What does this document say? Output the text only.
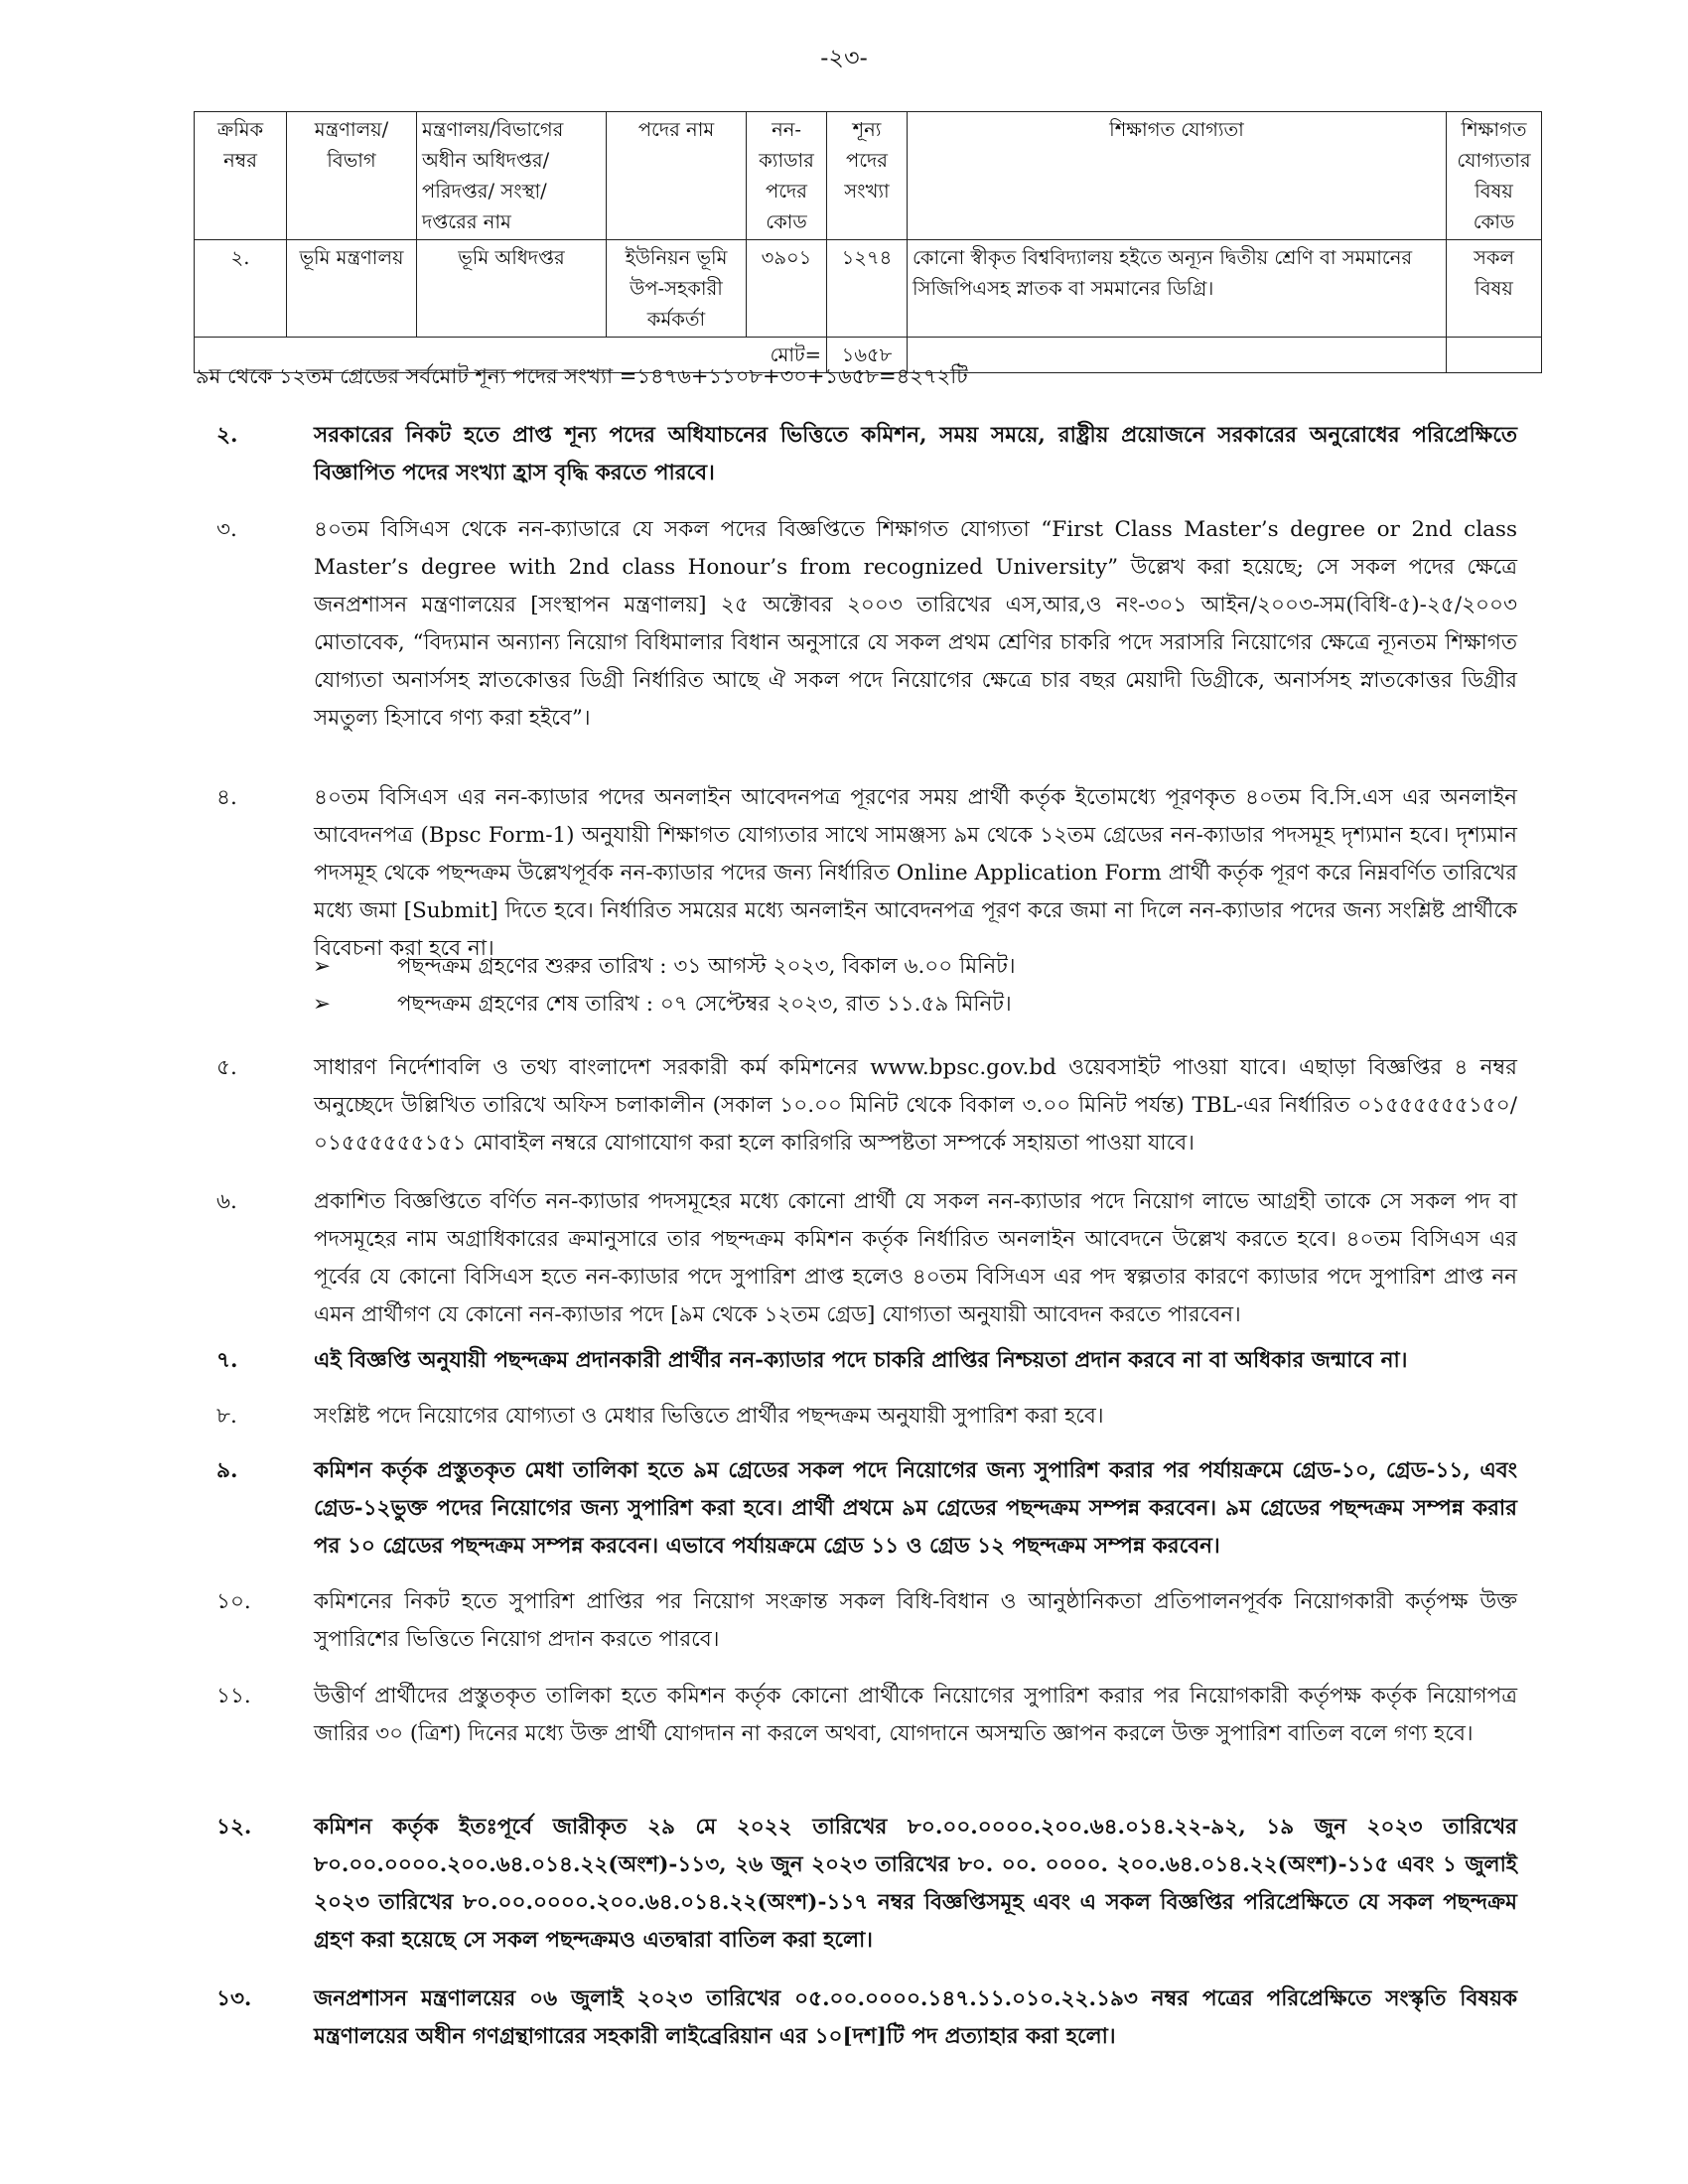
-২৩-
ক্রমিক নম্বর	মন্ত্রণালয়/ বিভাগ	মন্ত্রণালয়/বিভাগের অধীন অধিদপ্তর/পরিদপ্তর/ সংস্থা/দপ্তরের নাম	পদের নাম	নন-ক্যাডার পদের কোড	শূন্য পদের সংখ্যা	শিক্ষাগত যোগ্যতা	শিক্ষাগত যোগ্যতার বিষয় কোড
২.	ভূমি মন্ত্রণালয়	ভূমি অধিদপ্তর	ইউনিয়ন ভূমি উপ-সহকারী কর্মকর্তা	৩৯০১	১২৭৪	কোনো স্বীকৃত বিশ্ববিদ্যালয় হইতে অন্যূন দ্বিতীয় শ্রেণি বা সমমানের সিজিপিএসহ স্নাতক বা সমমানের ডিগ্রি।	সকল বিষয়
মোট=					১৬৫৮		
৯ম থেকে ১২তম গ্রেডের সর্বমোট শূন্য পদের সংখ্যা =১৪৭৬+১১০৮+৩০+১৬৫৮=৪২৭২টি
২.	সরকারের নিকট হতে প্রাপ্ত শূন্য পদের অধিযাচনের ভিত্তিতে কমিশন, সময় সময়ে, রাষ্ট্রীয় প্রয়োজনে সরকারের অনুরোধের পরিপ্রেক্ষিতে বিজ্ঞাপিত পদের সংখ্যা হ্রাস বৃদ্ধি করতে পারবে।
৩.	৪০তম বিসিএস থেকে নন-ক্যাডারে যে সকল পদের বিজ্ঞপ্তিতে শিক্ষাগত যোগ্যতা “First Class Master’s degree or 2nd class Master’s degree with 2nd class Honour’s from recognized University” উল্লেখ করা হয়েছে; সে সকল পদের ক্ষেত্রে জনপ্রশাসন মন্ত্রণালয়ের [সংস্থাপন মন্ত্রণালয়] ২৫ অক্টোবর ২০০৩ তারিখের এস,আর,ও নং-৩০১ আইন/২০০৩-সম(বিধি-৫)-২৫/২০০৩ মোতাবেক, “বিদ্যমান অন্যান্য নিয়োগ বিধিমালার বিধান অনুসারে যে সকল প্রথম শ্রেণির চাকরি পদে সরাসরি নিয়োগের ক্ষেত্রে ন্যূনতম শিক্ষাগত যোগ্যতা অনার্সসহ স্নাতকোত্তর ডিগ্রী নির্ধারিত আছে ঐ সকল পদে নিয়োগের ক্ষেত্রে চার বছর মেয়াদী ডিগ্রীকে, অনার্সসহ স্নাতকোত্তর ডিগ্রীর সমতুল্য হিসাবে গণ্য করা হইবে”।
৪.	৪০তম বিসিএস এর নন-ক্যাডার পদের অনলাইন আবেদনপত্র পূরণের সময় প্রার্থী কর্তৃক ইতোমধ্যে পূরণকৃত ৪০তম বি.সি.এস এর অনলাইন আবেদনপত্র (Bpsc Form-1) অনুযায়ী শিক্ষাগত যোগ্যতার সাথে সামঞ্জস্য ৯ম থেকে ১২তম গ্রেডের নন-ক্যাডার পদসমূহ দৃশ্যমান হবে। দৃশ্যমান পদসমূহ থেকে পছন্দক্রম উল্লেখপূর্বক নন-ক্যাডার পদের জন্য নির্ধারিত Online Application Form প্রার্থী কর্তৃক পূরণ করে নিম্নবর্ণিত তারিখের মধ্যে জমা [Submit] দিতে হবে। নির্ধারিত সময়ের মধ্যে অনলাইন আবেদনপত্র পূরণ করে জমা না দিলে নন-ক্যাডার পদের জন্য সংশ্লিষ্ট প্রার্থীকে বিবেচনা করা হবে না।
➢	পছন্দক্রম গ্রহণের শুরুর তারিখ : ৩১ আগস্ট ২০২৩, বিকাল ৬.০০ মিনিট।
➢	পছন্দক্রম গ্রহণের শেষ তারিখ : ০৭ সেপ্টেম্বর ২০২৩, রাত ১১.৫৯ মিনিট।
৫.	সাধারণ নির্দেশাবলি ও তথ্য বাংলাদেশ সরকারী কর্ম কমিশনের www.bpsc.gov.bd ওয়েবসাইট পাওয়া যাবে। এছাড়া বিজ্ঞপ্তির ৪ নম্বর অনুচ্ছেদে উল্লিখিত তারিখে অফিস চলাকালীন (সকাল ১০.০০ মিনিট থেকে বিকাল ৩.০০ মিনিট পর্যন্ত) TBL-এর নির্ধারিত ০১৫৫৫৫৫৫১৫০/ ০১৫৫৫৫৫৫১৫১ মোবাইল নম্বরে যোগাযোগ করা হলে কারিগরি অস্পষ্টতা সম্পর্কে সহায়তা পাওয়া যাবে।
৬.	প্রকাশিত বিজ্ঞপ্তিতে বর্ণিত নন-ক্যাডার পদসমূহের মধ্যে কোনো প্রার্থী যে সকল নন-ক্যাডার পদে নিয়োগ লাভে আগ্রহী তাকে সে সকল পদ বা পদসমূহের নাম অগ্রাধিকারের ক্রমানুসারে তার পছন্দক্রম কমিশন কর্তৃক নির্ধারিত অনলাইন আবেদনে উল্লেখ করতে হবে। ৪০তম বিসিএস এর পূর্বের যে কোনো বিসিএস হতে নন-ক্যাডার পদে সুপারিশ প্রাপ্ত হলেও ৪০তম বিসিএস এর পদ স্বল্পতার কারণে ক্যাডার পদে সুপারিশ প্রাপ্ত নন এমন প্রার্থীগণ যে কোনো নন-ক্যাডার পদে [৯ম থেকে ১২তম গ্রেড] যোগ্যতা অনুযায়ী আবেদন করতে পারবেন।
৭.	এই বিজ্ঞপ্তি অনুযায়ী পছন্দক্রম প্রদানকারী প্রার্থীর নন-ক্যাডার পদে চাকরি প্রাপ্তির নিশ্চয়তা প্রদান করবে না বা অধিকার জন্মাবে না।
৮.	সংশ্লিষ্ট পদে নিয়োগের যোগ্যতা ও মেধার ভিত্তিতে প্রার্থীর পছন্দক্রম অনুযায়ী সুপারিশ করা হবে।
৯.	কমিশন কর্তৃক প্রস্তুতকৃত মেধা তালিকা হতে ৯ম গ্রেডের সকল পদে নিয়োগের জন্য সুপারিশ করার পর পর্যায়ক্রমে গ্রেড-১০, গ্রেড-১১, এবং গ্রেড-১২ভুক্ত পদের নিয়োগের জন্য সুপারিশ করা হবে। প্রার্থী প্রথমে ৯ম গ্রেডের পছন্দক্রম সম্পন্ন করবেন। ৯ম গ্রেডের পছন্দক্রম সম্পন্ন করার পর ১০ গ্রেডের পছন্দক্রম সম্পন্ন করবেন। এভাবে পর্যায়ক্রমে গ্রেড ১১ ও গ্রেড ১২ পছন্দক্রম সম্পন্ন করবেন।
১০.	কমিশনের নিকট হতে সুপারিশ প্রাপ্তির পর নিয়োগ সংক্রান্ত সকল বিধি-বিধান ও আনুষ্ঠানিকতা প্রতিপালনপূর্বক নিয়োগকারী কর্তৃপক্ষ উক্ত সুপারিশের ভিত্তিতে নিয়োগ প্রদান করতে পারবে।
১১.	উত্তীর্ণ প্রার্থীদের প্রস্তুতকৃত তালিকা হতে কমিশন কর্তৃক কোনো প্রার্থীকে নিয়োগের সুপারিশ করার পর নিয়োগকারী কর্তৃপক্ষ কর্তৃক নিয়োগপত্র জারির ৩০ (ত্রিশ) দিনের মধ্যে উক্ত প্রার্থী যোগদান না করলে অথবা, যোগদানে অসম্মতি জ্ঞাপন করলে উক্ত সুপারিশ বাতিল বলে গণ্য হবে।
১২.	কমিশন কর্তৃক ইতঃপূর্বে জারীকৃত ২৯ মে ২০২২ তারিখের ৮০.০০.০০০০.২০০.৬৪.০১৪.২২-৯২, ১৯ জুন ২০২৩ তারিখের ৮০.০০.০০০০.২০০.৬৪.০১৪.২২(অংশ)-১১৩, ২৬ জুন ২০২৩ তারিখের ৮০. ০০. ০০০০. ২০০.৬৪.০১৪.২২(অংশ)-১১৫ এবং ১ জুলাই ২০২৩ তারিখের ৮০.০০.০০০০.২০০.৬৪.০১৪.২২(অংশ)-১১৭ নম্বর বিজ্ঞপ্তিসমূহ এবং এ সকল বিজ্ঞপ্তির পরিপ্রেক্ষিতে যে সকল পছন্দক্রম গ্রহণ করা হয়েছে সে সকল পছন্দক্রমও এতদ্বারা বাতিল করা হলো।
১৩.	জনপ্রশাসন মন্ত্রণালয়ের ০৬ জুলাই ২০২৩ তারিখের ০৫.০০.০০০০.১৪৭.১১.০১০.২২.১৯৩ নম্বর পত্রের পরিপ্রেক্ষিতে সংস্কৃতি বিষয়ক মন্ত্রণালয়ের অধীন গণগ্রন্থাগারের সহকারী লাইব্রেরিয়ান এর ১০[দশ]টি পদ প্রত্যাহার করা হলো।
